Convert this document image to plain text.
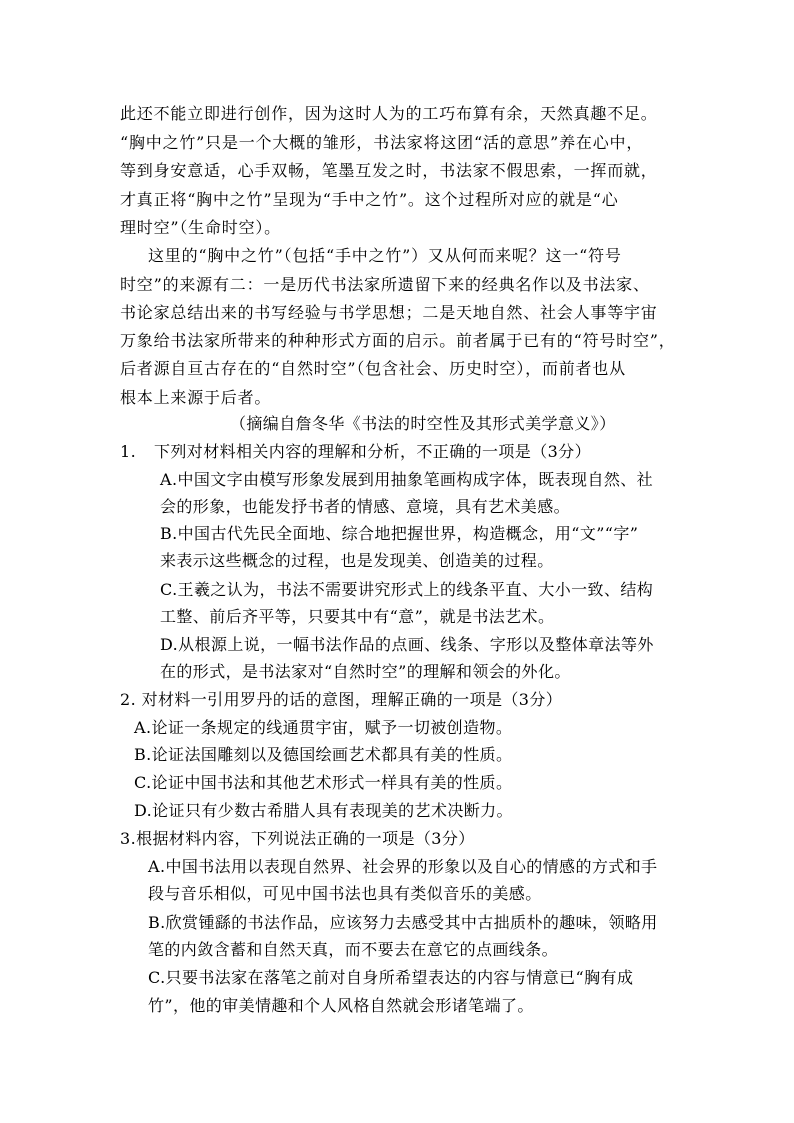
此还不能立即进行创作，因为这时人为的工巧布算有余，天然真趣不足。
“胸中之竹”只是一个大概的雏形，书法家将这团“活的意思”养在心中，
等到身安意适，心手双畅，笔墨互发之时，书法家不假思索，一挥而就，
才真正将“胸中之竹”呈现为“手中之竹”。这个过程所对应的就是“心
理时空”（生命时空）。
这里的“胸中之竹”（包括“手中之竹”）又从何而来呢？这一“符号
时空”的来源有二：一是历代书法家所遗留下来的经典名作以及书法家、
书论家总结出来的书写经验与书学思想；二是天地自然、社会人事等宇宙
万象给书法家所带来的种种形式方面的启示。前者属于已有的“符号时空”，
后者源自亘古存在的“自然时空”（包含社会、历史时空），而前者也从
根本上来源于后者。
（摘编自詹冬华《书法的时空性及其形式美学意义》）
1. 下列对材料相关内容的理解和分析，不正确的一项是（3分）
A.中国文字由模写形象发展到用抽象笔画构成字体，既表现自然、社
会的形象，也能发抒书者的情感、意境，具有艺术美感。
B.中国古代先民全面地、综合地把握世界，构造概念，用“文”“字”
来表示这些概念的过程，也是发现美、创造美的过程。
C.王羲之认为，书法不需要讲究形式上的线条平直、大小一致、结构
工整、前后齐平等，只要其中有“意”，就是书法艺术。
D.从根源上说，一幅书法作品的点画、线条、字形以及整体章法等外
在的形式，是书法家对“自然时空”的理解和领会的外化。
2. 对材料一引用罗丹的话的意图，理解正确的一项是（3分）
A.论证一条规定的线通贯宇宙，赋予一切被创造物。
B.论证法国雕刻以及德国绘画艺术都具有美的性质。
C.论证中国书法和其他艺术形式一样具有美的性质。
D.论证只有少数古希腊人具有表现美的艺术决断力。
3.根据材料内容，下列说法正确的一项是（3分）
A.中国书法用以表现自然界、社会界的形象以及自心的情感的方式和手
段与音乐相似，可见中国书法也具有类似音乐的美感。
B.欣赏锺繇的书法作品，应该努力去感受其中古拙质朴的趣味，领略用
笔的内敛含蓄和自然天真，而不要去在意它的点画线条。
C.只要书法家在落笔之前对自身所希望表达的内容与情意已“胸有成
竹”，他的审美情趣和个人风格自然就会形诸笔端了。
